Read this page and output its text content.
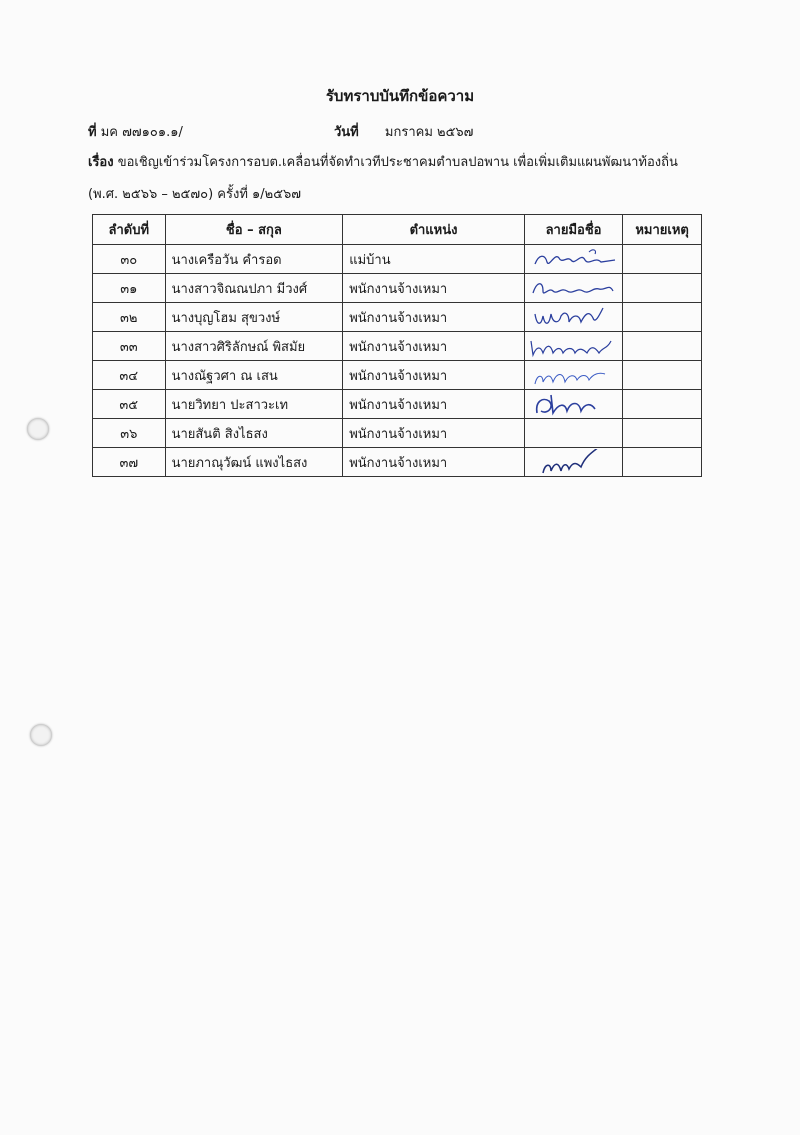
รับทราบบันทึกข้อความ
ที่ มค ๗๗๑๐๑.๑/	วันที่ มกราคม ๒๕๖๗
เรื่อง ขอเชิญเข้าร่วมโครงการอบต.เคลื่อนที่จัดทำเวทีประชาคมตำบลปอพาน เพื่อเพิ่มเติมแผนพัฒนาท้องถิ่น
(พ.ศ. ๒๕๖๖ – ๒๕๗๐) ครั้งที่ ๑/๒๕๖๗
ลำดับที่	ชื่อ – สกุล	ตำแหน่ง	ลายมือชื่อ	หมายเหตุ
๓๐	นางเครือวัน คำรอด	แม่บ้าน	

๓๑	นางสาวจิณณปภา มีวงศ์	พนักงานจ้างเหมา	

๓๒	นางบุญโฮม สุขวงษ์	พนักงานจ้างเหมา	

๓๓	นางสาวศิริลักษณ์ พิสมัย	พนักงานจ้างเหมา	

๓๔	นางณัฐวศา ณ เสน	พนักงานจ้างเหมา	

๓๕	นายวิทยา ปะสาวะเท	พนักงานจ้างเหมา	

๓๖	นายสันติ สิงไธสง	พนักงานจ้างเหมา		
๓๗	นายภาณุวัฒน์ แพงไธสง	พนักงานจ้างเหมา	
